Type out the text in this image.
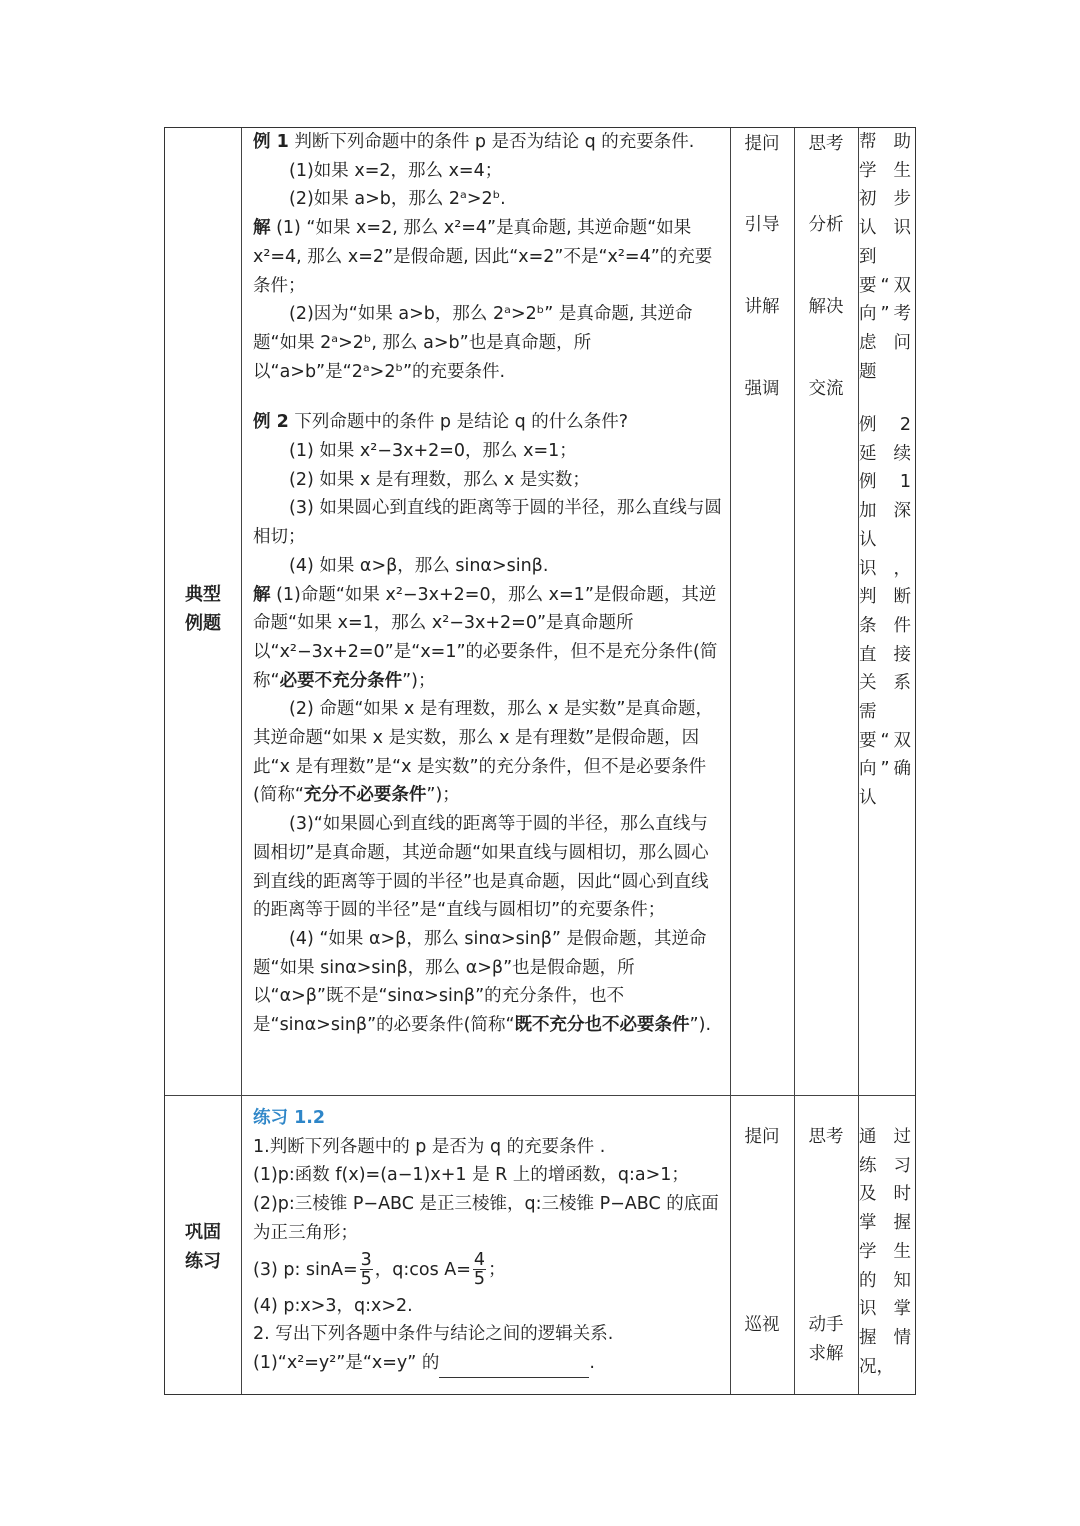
典型
例题

例 1 判断下列命题中的条件 p 是否为结论 q 的充要条件.

(1)如果 x=2，那么 x=4；

(2)如果 a>b，那么 2ᵃ>2ᵇ.

解 (1) “如果 x=2, 那么 x²=4”是真命题, 其逆命题“如果 x²=4, 那么 x=2”是假命题, 因此“x=2”不是“x²=4”的充要条件；

(2)因为“如果 a>b，那么 2ᵃ>2ᵇ” 是真命题, 其逆命题“如果 2ᵃ>2ᵇ, 那么 a>b”也是真命题，所以“a>b”是“2ᵃ>2ᵇ”的充要条件.

例 2 下列命题中的条件 p 是结论 q 的什么条件?

(1) 如果 x²−3x+2=0，那么 x=1；

(2) 如果 x 是有理数，那么 x 是实数；

(3) 如果圆心到直线的距离等于圆的半径，那么直线与圆相切；

(4) 如果 α>β，那么 sinα>sinβ.

解 (1)命题“如果 x²−3x+2=0，那么 x=1”是假命题，其逆命题“如果 x=1，那么 x²−3x+2=0”是真命题所以“x²−3x+2=0”是“x=1”的必要条件，但不是充分条件(简称“必要不充分条件”)；

(2) 命题“如果 x 是有理数，那么 x 是实数”是真命题，其逆命题“如果 x 是实数，那么 x 是有理数”是假命题，因此“x 是有理数”是“x 是实数”的充分条件，但不是必要条件(简称“充分不必要条件”)；

(3)“如果圆心到直线的距离等于圆的半径，那么直线与圆相切”是真命题，其逆命题“如果直线与圆相切，那么圆心到直线的距离等于圆的半径”也是真命题，因此“圆心到直线的距离等于圆的半径”是“直线与圆相切”的充要条件；

(4) “如果 α>β，那么 sinα>sinβ” 是假命题，其逆命题“如果 sinα>sinβ，那么 α>β”也是假命题，所以“α>β”既不是“sinα>sinβ”的充分条件，也不是“sinα>sinβ”的必要条件(简称“既不充分也不必要条件”).

提问
引导
讲解
强调
思考
分析
解决
交流
帮助学生初步认识到要“双向”考虑问题
例 2 延续例 1 加深认识，判断条件直接关系需要“双向”确认
巩固
练习

练习 1.2

1.判断下列各题中的 p 是否为 q 的充要条件 .

(1)p:函数 f(x)=(a−1)x+1 是 R 上的增函数，q:a>1；

(2)p:三棱锥 P−ABC 是正三棱锥，q:三棱锥 P−ABC 的底面为正三角形；

(3) p: $\sin A= \frac{3}{5}$ ，q:cos $A= \frac{4}{5}$ ；

(4) p:x>3，q:x>2.

2. 写出下列各题中条件与结论之间的逻辑关系.

(1)“x²=y²”是“x=y” 的	.

提问
巡视
思考
动手求解
通过练习及时掌握学生的知识掌握情况，
